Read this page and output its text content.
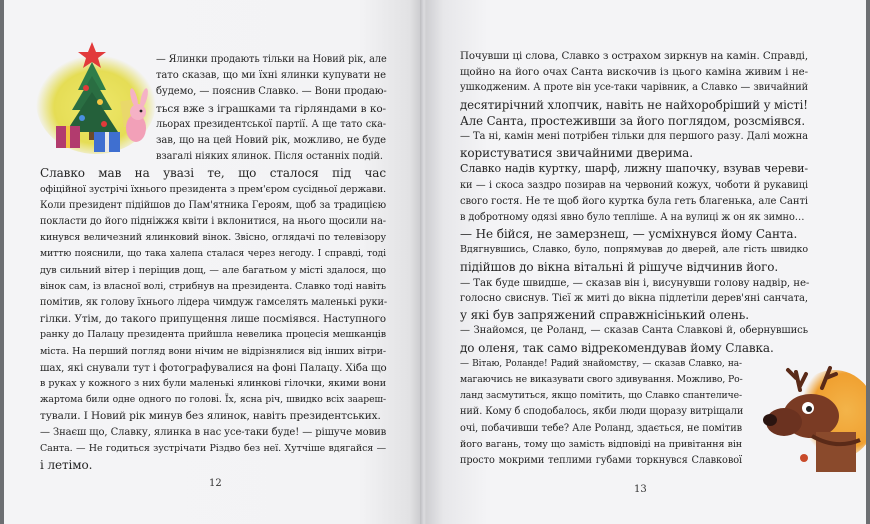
— Ялинки продають тільки на Новий рік, але
тато сказав, що ми їхні ялинки купувати не
будемо, — пояснив Славко. — Вони продаю-
ться вже з іграшками та гірляндами в ко-
льорах президентської партії. А ще тато ска-
зав, що на цей Новий рік, можливо, не буде
взагалі ніяких ялинок. Після останніх подій.
Славко мав на увазі те, що сталося під час
офіційної зустрічі їхнього президента з прем'єром сусідньої держави.
Коли президент підійшов до Пам'ятника Героям, щоб за традицією
покласти до його підніжжя квіти і вклонитися, на нього щосили на-
кинувся величезний ялинковий вінок. Звісно, оглядачі по телевізору
миттю пояснили, що така халепа сталася через негоду. І справді, тоді
дув сильний вітер і періщив дощ, — але багатьом у місті здалося, що
вінок сам, із власної волі, стрибнув на президента. Славко тоді навіть
помітив, як голову їхнього лідера чимдуж гамселять маленькі руки-
гілки. Утім, до такого припущення лише посміявся. Наступного
ранку до Палацу президента прийшла невелика процесія мешканців
міста. На перший погляд вони нічим не відрізнялися від інших вітри-
шах, які снували тут і фотографувалися на фоні Палацу. Хіба що
в руках у кожного з них були маленькі ялинкові гілочки, якими вони
жартома били одне одного по голові. Їх, ясна річ, швидко всіх заареш-
тували. І Новий рік минув без ялинок, навіть президентських.
— Знаєш що, Славку, ялинка в нас усе-таки буде! — рішуче мовив
Санта. — Не годиться зустрічати Різдво без неї. Хутчіше вдягайся —
і летімо.
12
Почувши ці слова, Славко з острахом зиркнув на камін. Справді,
щойно на його очах Санта вискочив із цього каміна живим і не-
ушкодженим. А проте він усе-таки чарівник, а Славко — звичайний
десятирічний хлопчик, навіть не найхоробріший у місті!
Але Санта, простеживши за його поглядом, розсміявся.
— Та ні, камін мені потрібен тільки для першого разу. Далі можна
користуватися звичайними дверима.
Славко надів куртку, шарф, лижну шапочку, взував череви-
ки — і скоса заздро позирав на червоний кожух, чоботи й рукавиці
свого гостя. Не те щоб його куртка була геть благенька, але Санті
в добротному одязі явно було тепліше. А на вулиці ж он як зимно…
— Не бійся, не замерзнеш, — усміхнувся йому Санта.
Вдягнувшись, Славко, було, попрямував до дверей, але гість швидко
підійшов до вікна вітальні й рішуче відчинив його.
— Так буде швидше, — сказав він і, висунувши голову надвір, не-
голосно свиснув. Тієї ж миті до вікна підлетіли дерев'яні санчата,
у які був запряжений справжнісінький олень.
— Знайомся, це Роланд, — сказав Санта Славкові й, обернувшись
до оленя, так само відрекомендував йому Славка.
— Вітаю, Роланде! Радий знайомству, — сказав Славко, на-
магаючись не виказувати свого здивування. Можливо, Ро-
ланд засмутиться, якщо помітить, що Славко спантеличе-
ний. Кому б сподобалось, якби люди щоразу витріщали
очі, побачивши тебе? Але Роланд, здається, не помітив
його вагань, тому що замість відповіді на привітання він
просто мокрими теплими губами торкнувся Славкової
13
